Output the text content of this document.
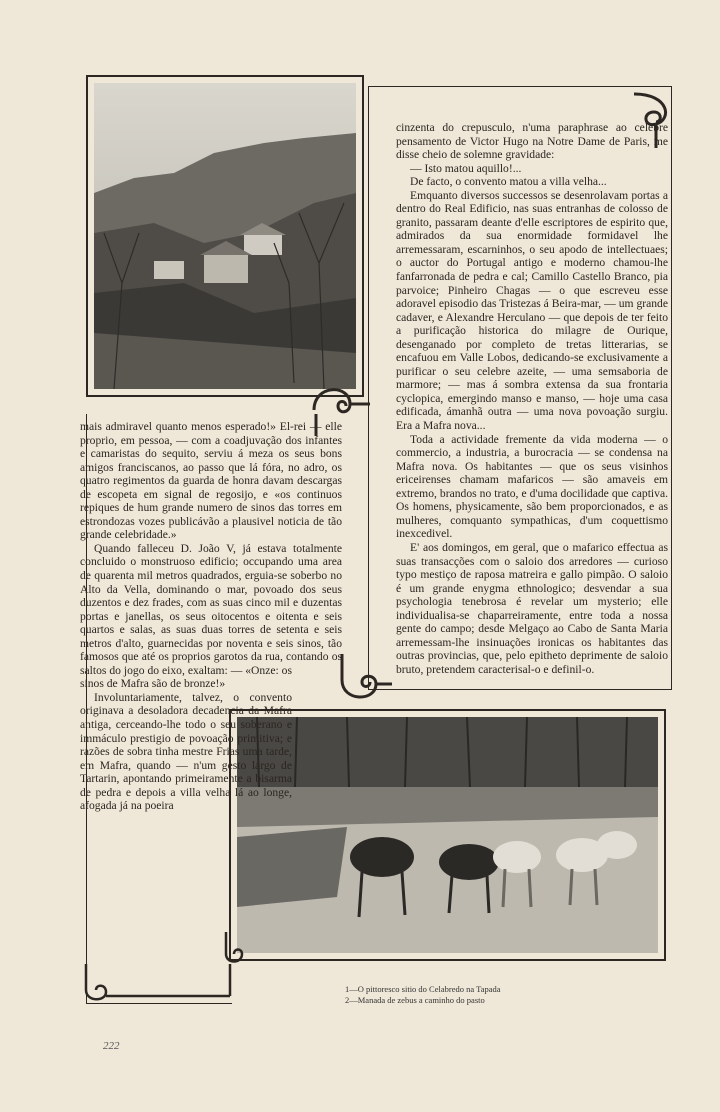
cinzenta do crepusculo, n'uma paraphrase ao celebre pensamento de Victor Hugo na Notre Dame de Paris, me disse cheio de solemne gravidade:

— Isto matou aquillo!...

De facto, o convento matou a villa velha...

Emquanto diversos successos se desenrolavam portas a dentro do Real Edificio, nas suas entranhas de colosso de granito, passaram deante d'elle escriptores de espirito que, admirados da sua enormidade formidavel lhe arremessaram, escarninhos, o seu apodo de intellectuaes; o auctor do Portugal antigo e moderno chamou-lhe fanfarronada de pedra e cal; Camillo Castello Branco, pia parvoice; Pinheiro Chagas — o que escreveu esse adoravel episodio das Tristezas á Beira-mar, — um grande cadaver, e Alexandre Herculano — que depois de ter feito a purificação historica do milagre de Ourique, desenganado por completo de tretas litterarias, se encafuou em Valle Lobos, dedicando-se exclusivamente a purificar o seu celebre azeite, — uma semsaboria de marmore; — mas á sombra extensa da sua frontaria cyclopica, emergindo manso e manso, — hoje uma casa edificada, ámanhã outra — uma nova povoação surgiu. Era a Mafra nova...

Toda a actividade fremente da vida moderna — o commercio, a industria, a burocracia — se condensa na Mafra nova. Os habitantes — que os seus visinhos ericeirenses chamam mafaricos — são amaveis em extremo, brandos no trato, e d'uma docilidade que captiva. Os homens, physicamente, são bem proporcionados, e as mulheres, comquanto sympathicas, d'um coquettismo inexcedivel.

E' aos domingos, em geral, que o mafarico effectua as suas transacções com o saloio dos arredores — curioso typo mestiço de raposa matreira e gallo pimpão. O saloio é um grande enygma ethnologico; desvendar a sua psychologia tenebrosa é revelar um mysterio; elle individualisa-se chaparreiramente, entre toda a nossa gente do campo; desde Melgaço ao Cabo de Santa Maria arremessam-lhe insinuações ironicas os habitantes das outras provincias, que, pelo epitheto deprimente de saloio bruto, pretendem caracterisal-o e definil-o.

mais admiravel quanto menos esperado!» El-rei — elle proprio, em pessoa, — com a coadjuvação dos infantes e camaristas do sequito, serviu á meza os seus bons amigos franciscanos, ao passo que lá fóra, no adro, os quatro regimentos da guarda de honra davam descargas de escopeta em signal de regosijo, e «os continuos repiques de hum grande numero de sinos das torres em estrondozas vozes publicávão a plausivel noticia de tão grande celebridade.»

Quando falleceu D. João V, já estava totalmente concluido o monstruoso edificio; occupando uma area de quarenta mil metros quadrados, erguia-se soberbo no Alto da Vella, dominando o mar, povoado dos seus duzentos e dez frades, com as suas cinco mil e duzentas portas e janellas, os seus oitocentos e oitenta e seis quartos e salas, as suas duas torres de setenta e seis metros d'alto, guarnecidas por noventa e seis sinos, tão famosos que até os proprios garotos da rua, contando os saltos do jogo do eixo, exaltam: — «Onze: os sinos de Mafra são de bronze!»

Involuntariamente, talvez, o convento originava a desoladora decadencia da Mafra antiga, cerceando-lhe todo o seu soberano e immáculo prestigio de povoação primitiva; e razões de sobra tinha mestre Frias uma tarde, em Mafra, quando — n'um gesto largo de Tartarin, apontando primeiramente a bisarma de pedra e depois a villa velha lá ao longe, afogada já na poeira

1—O pittoresco sitio do Celabredo na Tapada
2—Manada de zebus a caminho do pasto
222
